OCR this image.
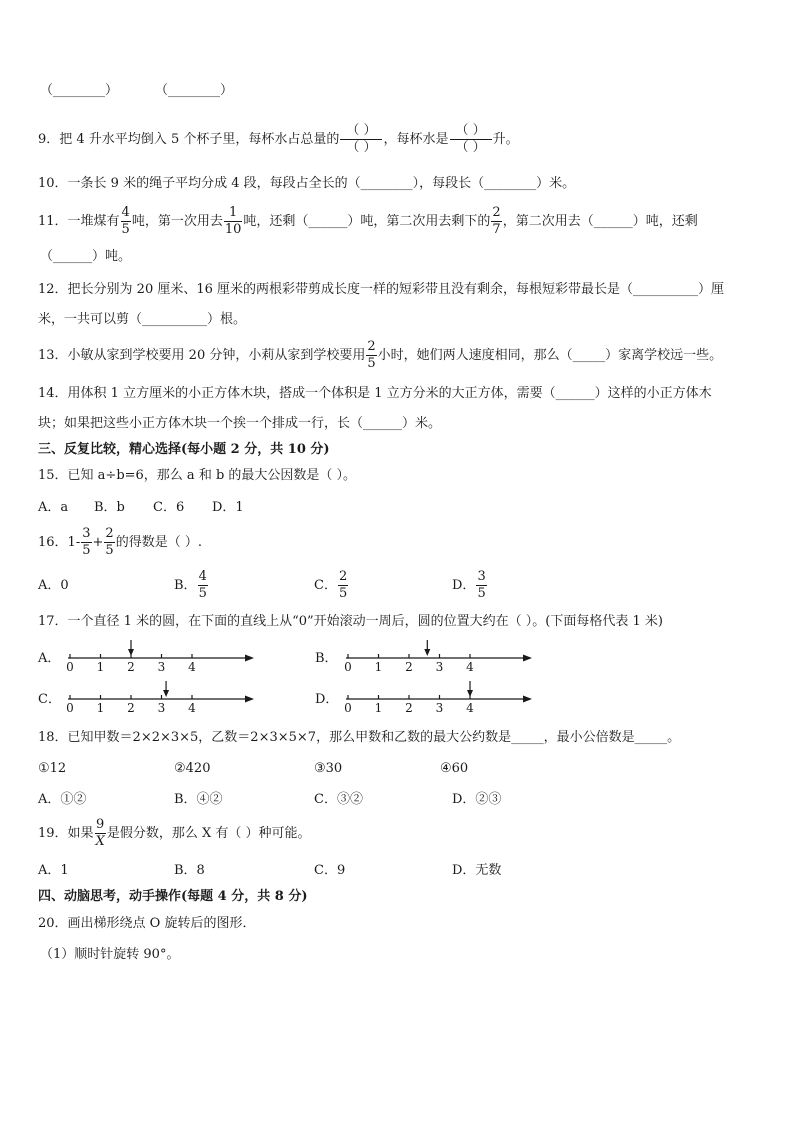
（________）	（________）
9．把 4 升水平均倒入 5 个杯子里，每杯水占总量的 $\frac{( )}{( )}$ ，每杯水是 $\frac{( )}{( )}$ 升。
10．一条长 9 米的绳子平均分成 4 段，每段占全长的（________），每段长（________）米。
11．一堆煤有 $\frac{4}{5}$ 吨，第一次用去 $\frac{1}{10}$ 吨，还剩（______）吨，第二次用去剩下的 $\frac{2}{7}$ ，第二次用去（______）吨，还剩
（______）吨。
12．把长分别为 20 厘米、16 厘米的两根彩带剪成长度一样的短彩带且没有剩余，每根短彩带最长是（__________）厘
米，一共可以剪（__________）根。
13．小敏从家到学校要用 20 分钟，小莉从家到学校要用 $\frac{2}{5}$ 小时，她们两人速度相同，那么（_____）家离学校远一些。
14．用体积 1 立方厘米的小正方体木块，搭成一个体积是 1 立方分米的大正方体，需要（______）这样的小正方体木
块；如果把这些小正方体木块一个挨一个排成一行，长（______）米。
三、反复比较，精心选择(每小题 2 分，共 10 分)
15．已知 a÷b=6，那么 a 和 b 的最大公因数是（ ）。
A．a B．b C．6 D．1
16．$1- \frac{3}{5} + \frac{2}{5}$ 的得数是（ ）.
A．0	B． $\frac{4}{5}$	C． $\frac{2}{5}$	D． $\frac{3}{5}$
17．一个直径 1 米的圆，在下面的直线上从“0”开始滚动一周后，圆的位置大约在（ ）。(下面每格代表 1 米)
A．
0 1 2 3 4
B．
0 1 2 3 4
C．
0 1 2 3 4
D．
0 1 2 3 4
18．已知甲数＝2×2×3×5，乙数＝2×3×5×7，那么甲数和乙数的最大公约数是_____，最小公倍数是_____。
①12	②420	③30	④60
A．①②	B．④②	C．③②	D．②③
19．如果 $\frac{9}{X}$ 是假分数，那么 X 有（ ）种可能。
A．1	B．8	C．9	D．无数
四、动脑思考，动手操作(每题 4 分，共 8 分)
20．画出梯形绕点 O 旋转后的图形．
（1）顺时针旋转 90°。
